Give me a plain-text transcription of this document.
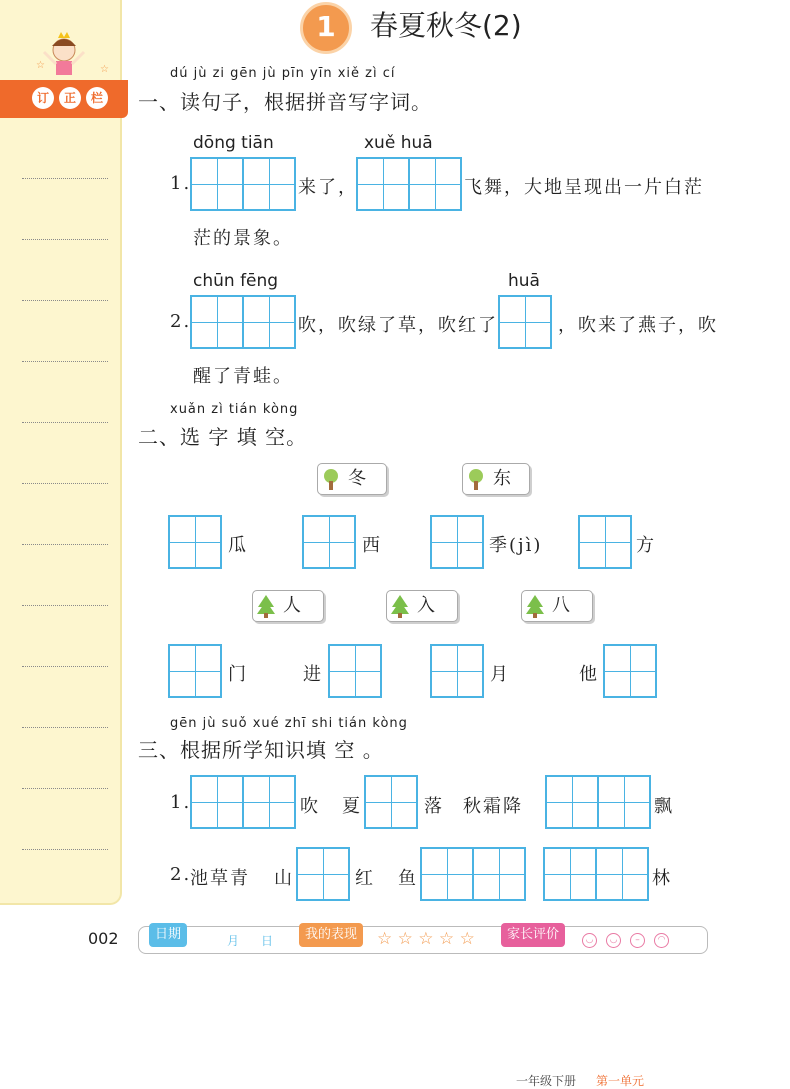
☆	☆
订	正	栏
1	春夏秋冬(2)
dú jù zi gēn jù pīn yīn xiě zì cí
一、读句子，根据拼音写字词。
dōng tiān	xuě huā
1.	来了，	飞舞，大地呈现出一片白茫
茫的景象。
chūn fēng	huā
2.	吹，吹绿了草，吹红了	，吹来了燕子，吹
醒了青蛙。
xuǎn zì tián kòng
二、选 字 填 空。
冬	东
瓜	西	季(jì)	方
人	入	八
门	进	月	他
gēn jù suǒ xué zhī shi tián kòng
三、根据所学知识填 空 。
1.	吹 夏	落 秋霜降	飘
2.
池草青 山	红 鱼	林
002	日期	月 日	我的表现	☆ ☆ ☆ ☆ ☆	家长评价	◡	◡	–	◠
一年级下册 第一单元
